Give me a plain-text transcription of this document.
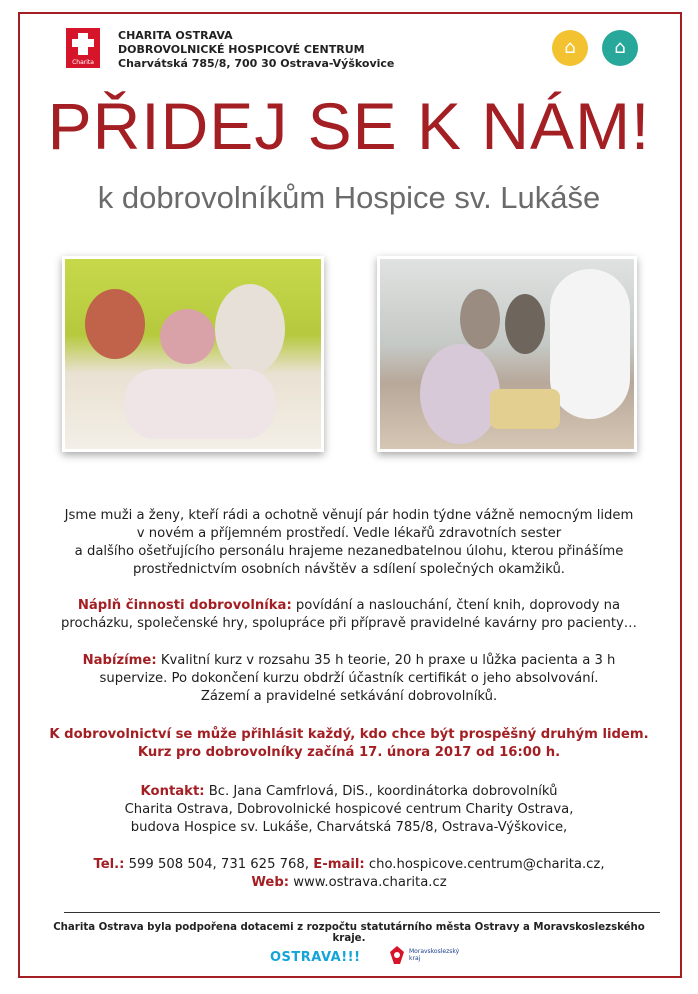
Charita
CHARITA OSTRAVA
DOBROVOLNICKÉ HOSPICOVÉ CENTRUM
Charvátská 785/8, 700 30 Ostrava-Výškovice
⌂	⌂
PŘIDEJ SE K NÁM!
k dobrovolníkům Hospice sv. Lukáše
Jsme muži a ženy, kteří rádi a ochotně věnují pár hodin týdne vážně nemocným lidem
v novém a příjemném prostředí. Vedle lékařů zdravotních sester
a dalšího ošetřujícího personálu hrajeme nezanedbatelnou úlohu, kterou přinášíme
prostřednictvím osobních návštěv a sdílení společných okamžiků.
Náplň činnosti dobrovolníka: povídání a naslouchání, čtení knih, doprovody na
procházku, společenské hry, spolupráce při přípravě pravidelné kavárny pro pacienty…
Nabízíme: Kvalitní kurz v rozsahu 35 h teorie, 20 h praxe u lůžka pacienta a 3 h
supervize. Po dokončení kurzu obdrží účastník certifikát o jeho absolvování.
Zázemí a pravidelné setkávání dobrovolníků.
K dobrovolnictví se může přihlásit každý, kdo chce být prospěšný druhým lidem.
Kurz pro dobrovolníky začíná 17. února 2017 od 16:00 h.
Kontakt: Bc. Jana Camfrlová, DiS., koordinátorka dobrovolníků
Charita Ostrava, Dobrovolnické hospicové centrum Charity Ostrava,
budova Hospice sv. Lukáše, Charvátská 785/8, Ostrava-Výškovice,
Tel.: 599 508 504, 731 625 768, E-mail: cho.hospicove.centrum@charita.cz,
Web: www.ostrava.charita.cz
Charita Ostrava byla podpořena dotacemi z rozpočtu statutárního města Ostravy a Moravskoslezského kraje.
OSTRAVA!!!	Moravskoslezský kraj
